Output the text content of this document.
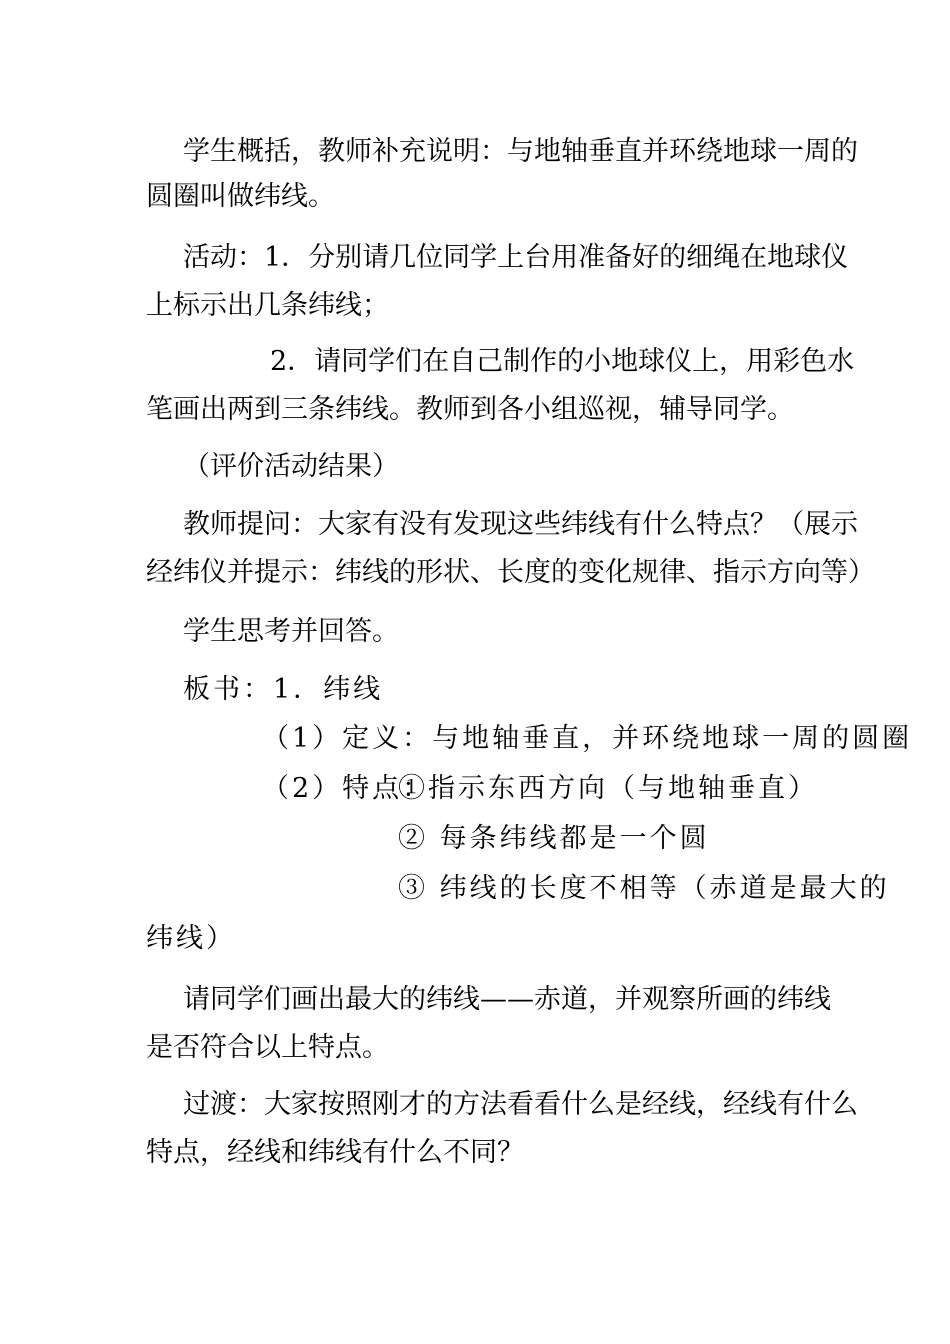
学生概括，教师补充说明：与地轴垂直并环绕地球一周的
圆圈叫做纬线。
活动：1．分别请几位同学上台用准备好的细绳在地球仪
上标示出几条纬线；
2．请同学们在自己制作的小地球仪上，用彩色水
笔画出两到三条纬线。教师到各小组巡视，辅导同学。
（评价活动结果）
教师提问：大家有没有发现这些纬线有什么特点？（展示
经纬仪并提示：纬线的形状、长度的变化规律、指示方向等）
学生思考并回答。
板书：1．纬线
（1）定义：与地轴垂直，并环绕地球一周的圆圈
（2）特点：
①指示东西方向（与地轴垂直）
② 每条纬线都是一个圆
③ 纬线的长度不相等（赤道是最大的
纬线）
请同学们画出最大的纬线——赤道，并观察所画的纬线
是否符合以上特点。
过渡：大家按照刚才的方法看看什么是经线，经线有什么
特点，经线和纬线有什么不同？
